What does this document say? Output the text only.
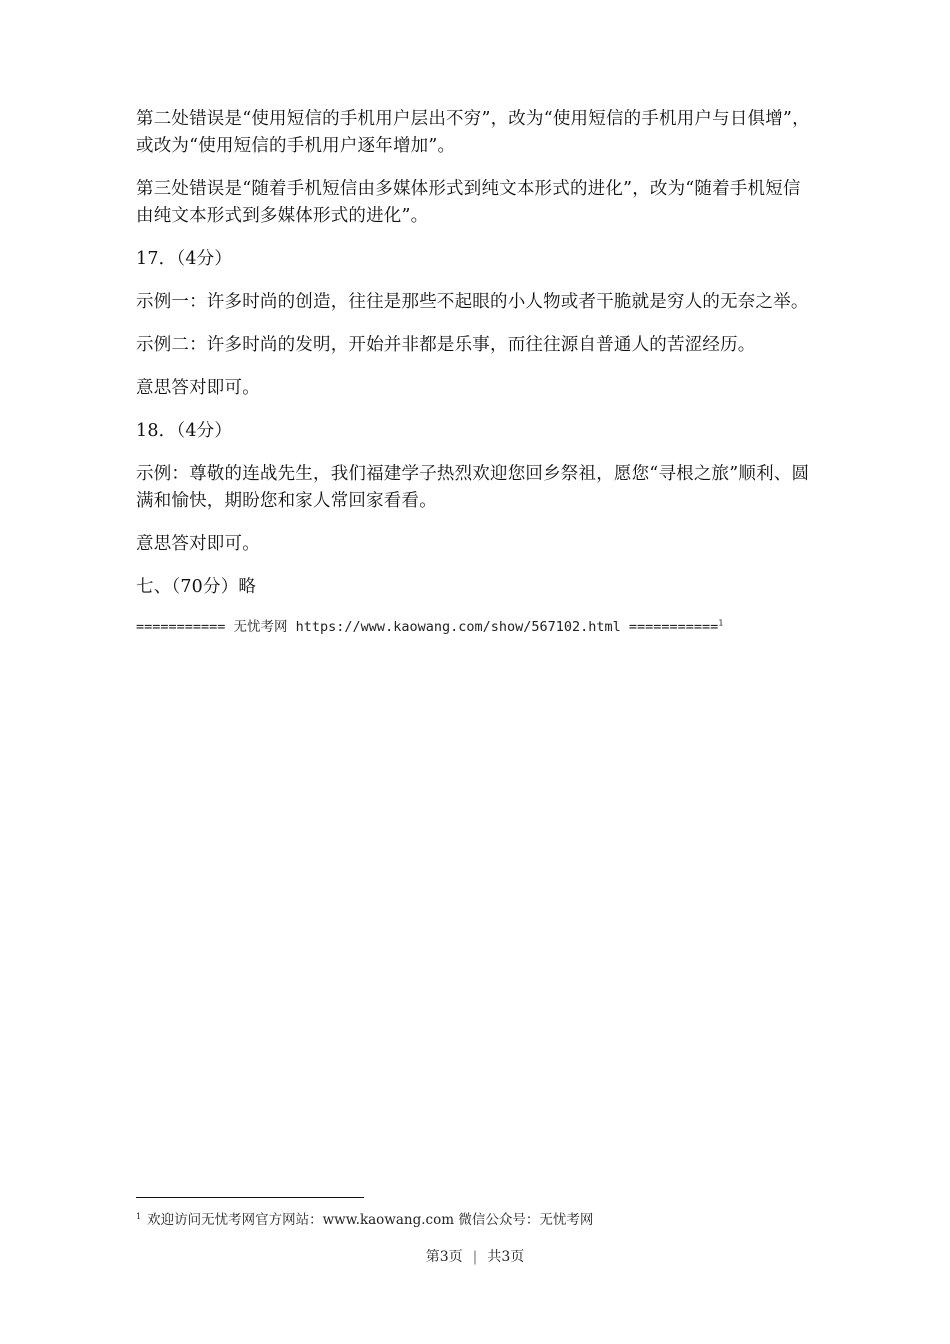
第二处错误是“使用短信的手机用户层出不穷”，改为“使用短信的手机用户与日俱增”，或改为“使用短信的手机用户逐年增加”。

第三处错误是“随着手机短信由多媒体形式到纯文本形式的进化”，改为“随着手机短信由纯文本形式到多媒体形式的进化”。

17．（4分）

示例一：许多时尚的创造，往往是那些不起眼的小人物或者干脆就是穷人的无奈之举。

示例二：许多时尚的发明，开始并非都是乐事，而往往源自普通人的苦涩经历。

意思答对即可。

18．（4分）

示例：尊敬的连战先生，我们福建学子热烈欢迎您回乡祭祖，愿您“寻根之旅”顺利、圆满和愉快，期盼您和家人常回家看看。

意思答对即可。

七、（70分）略

=========== 无忧考网 https://www.kaowang.com/show/567102.html ===========$^1$
$^1$ 欢迎访问无忧考网官方网站：www.kaowang.com 微信公众号：无忧考网
第3页 | 共3页
